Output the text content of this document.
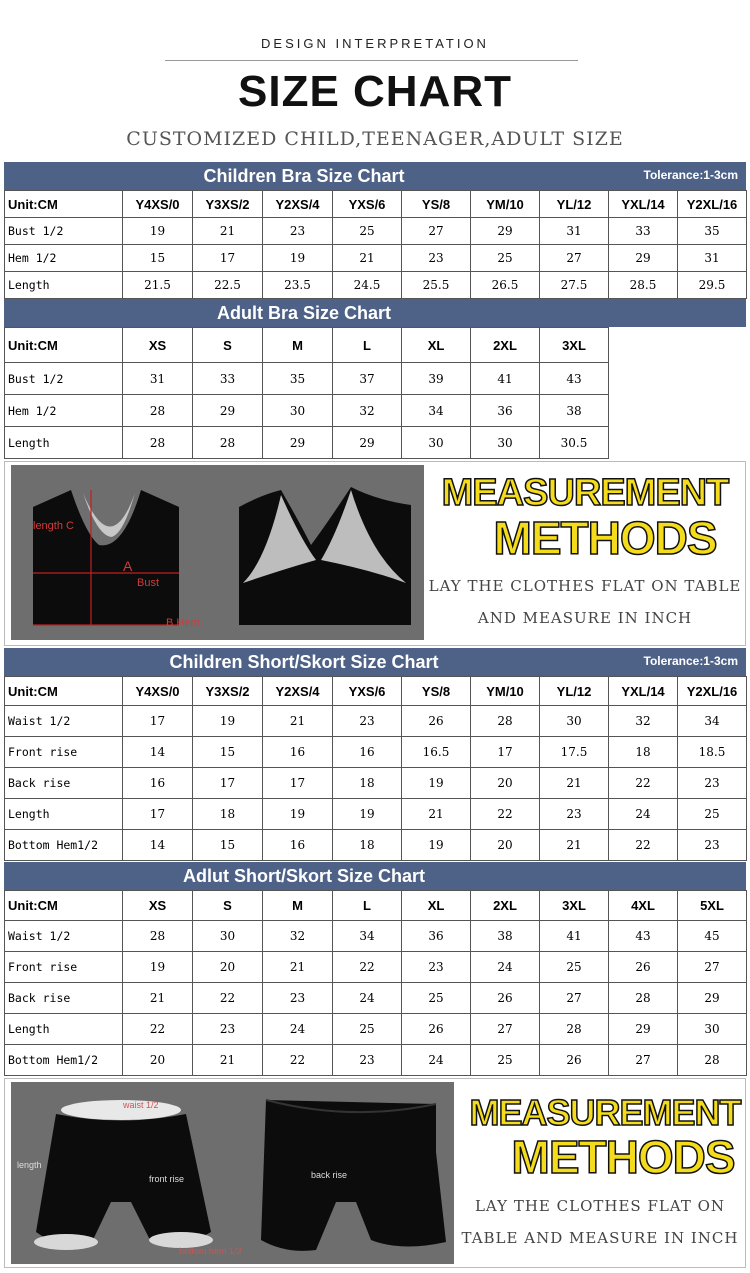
DESIGN INTERPRETATION
SIZE CHART
CUSTOMIZED CHILD,TEENAGER,ADULT SIZE
Children Bra Size Chart	Tolerance:1-3cm
Unit:CM	Y4XS/0	Y3XS/2	Y2XS/4	YXS/6	YS/8	YM/10	YL/12	YXL/14	Y2XL/16
Bust 1/2	19	21	23	25	27	29	31	33	35
Hem 1/2	15	17	19	21	23	25	27	29	31
Length	21.5	22.5	23.5	24.5	25.5	26.5	27.5	28.5	29.5
Adult Bra Size Chart
Unit:CM	XS	S	M	L	XL	2XL	3XL		
Bust 1/2	31	33	35	37	39	41	43		
Hem 1/2	28	29	30	32	34	36	38		
Length	28	28	29	29	30	30	30.5		
length C
A
Bust
B Hem
MEASUREMENT
METHODS
LAY THE CLOTHES FLAT ON TABLE
AND MEASURE IN INCH
Children Short/Skort Size Chart	Tolerance:1-3cm
Unit:CM	Y4XS/0	Y3XS/2	Y2XS/4	YXS/6	YS/8	YM/10	YL/12	YXL/14	Y2XL/16
Waist 1/2	17	19	21	23	26	28	30	32	34
Front rise	14	15	16	16	16.5	17	17.5	18	18.5
Back rise	16	17	17	18	19	20	21	22	23
Length	17	18	19	19	21	22	23	24	25
Bottom Hem1/2	14	15	16	18	19	20	21	22	23
Adlut Short/Skort Size Chart
Unit:CM	XS	S	M	L	XL	2XL	3XL	4XL	5XL
Waist 1/2	28	30	32	34	36	38	41	43	45
Front rise	19	20	21	22	23	24	25	26	27
Back rise	21	22	23	24	25	26	27	28	29
Length	22	23	24	25	26	27	28	29	30
Bottom Hem1/2	20	21	22	23	24	25	26	27	28
waist 1/2
length
front rise	back rise
bottom hem 1/2
MEASUREMENT
METHODS
LAY THE CLOTHES FLAT ON
TABLE AND MEASURE IN INCH
